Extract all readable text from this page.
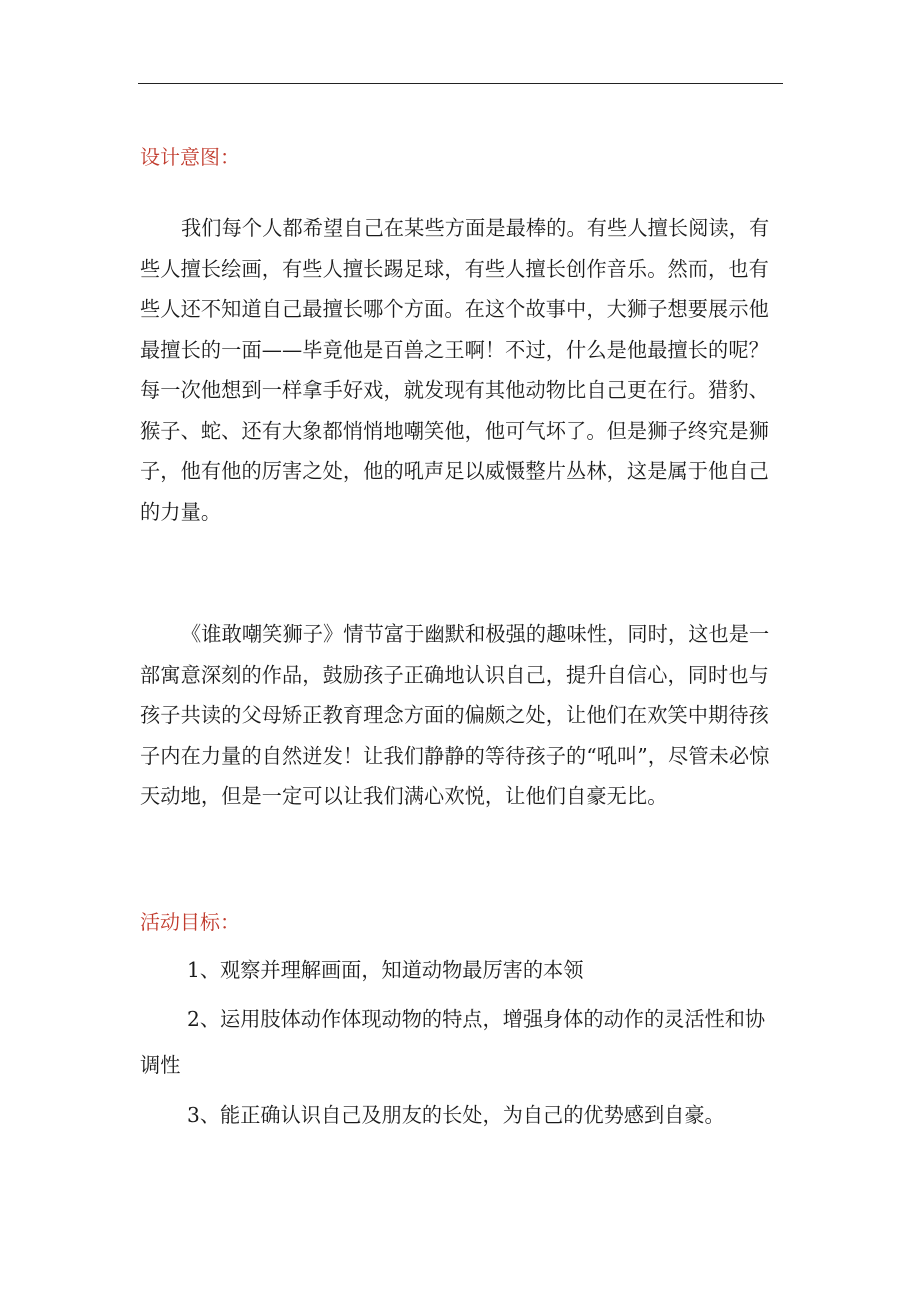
设计意图：

我们每个人都希望自己在某些方面是最棒的。有些人擅长阅读，有些人擅长绘画，有些人擅长踢足球，有些人擅长创作音乐。然而，也有些人还不知道自己最擅长哪个方面。在这个故事中，大狮子想要展示他最擅长的一面——毕竟他是百兽之王啊！不过，什么是他最擅长的呢？每一次他想到一样拿手好戏，就发现有其他动物比自己更在行。猎豹、猴子、蛇、还有大象都悄悄地嘲笑他，他可气坏了。但是狮子终究是狮子，他有他的厉害之处，他的吼声足以威慑整片丛林，这是属于他自己的力量。

《谁敢嘲笑狮子》情节富于幽默和极强的趣味性，同时，这也是一部寓意深刻的作品，鼓励孩子正确地认识自己，提升自信心，同时也与孩子共读的父母矫正教育理念方面的偏颇之处，让他们在欢笑中期待孩子内在力量的自然迸发！让我们静静的等待孩子的“吼叫”，尽管未必惊天动地，但是一定可以让我们满心欢悦，让他们自豪无比。

活动目标：

1、观察并理解画面，知道动物最厉害的本领

2、运用肢体动作体现动物的特点，增强身体的动作的灵活性和协调性

3、能正确认识自己及朋友的长处，为自己的优势感到自豪。
